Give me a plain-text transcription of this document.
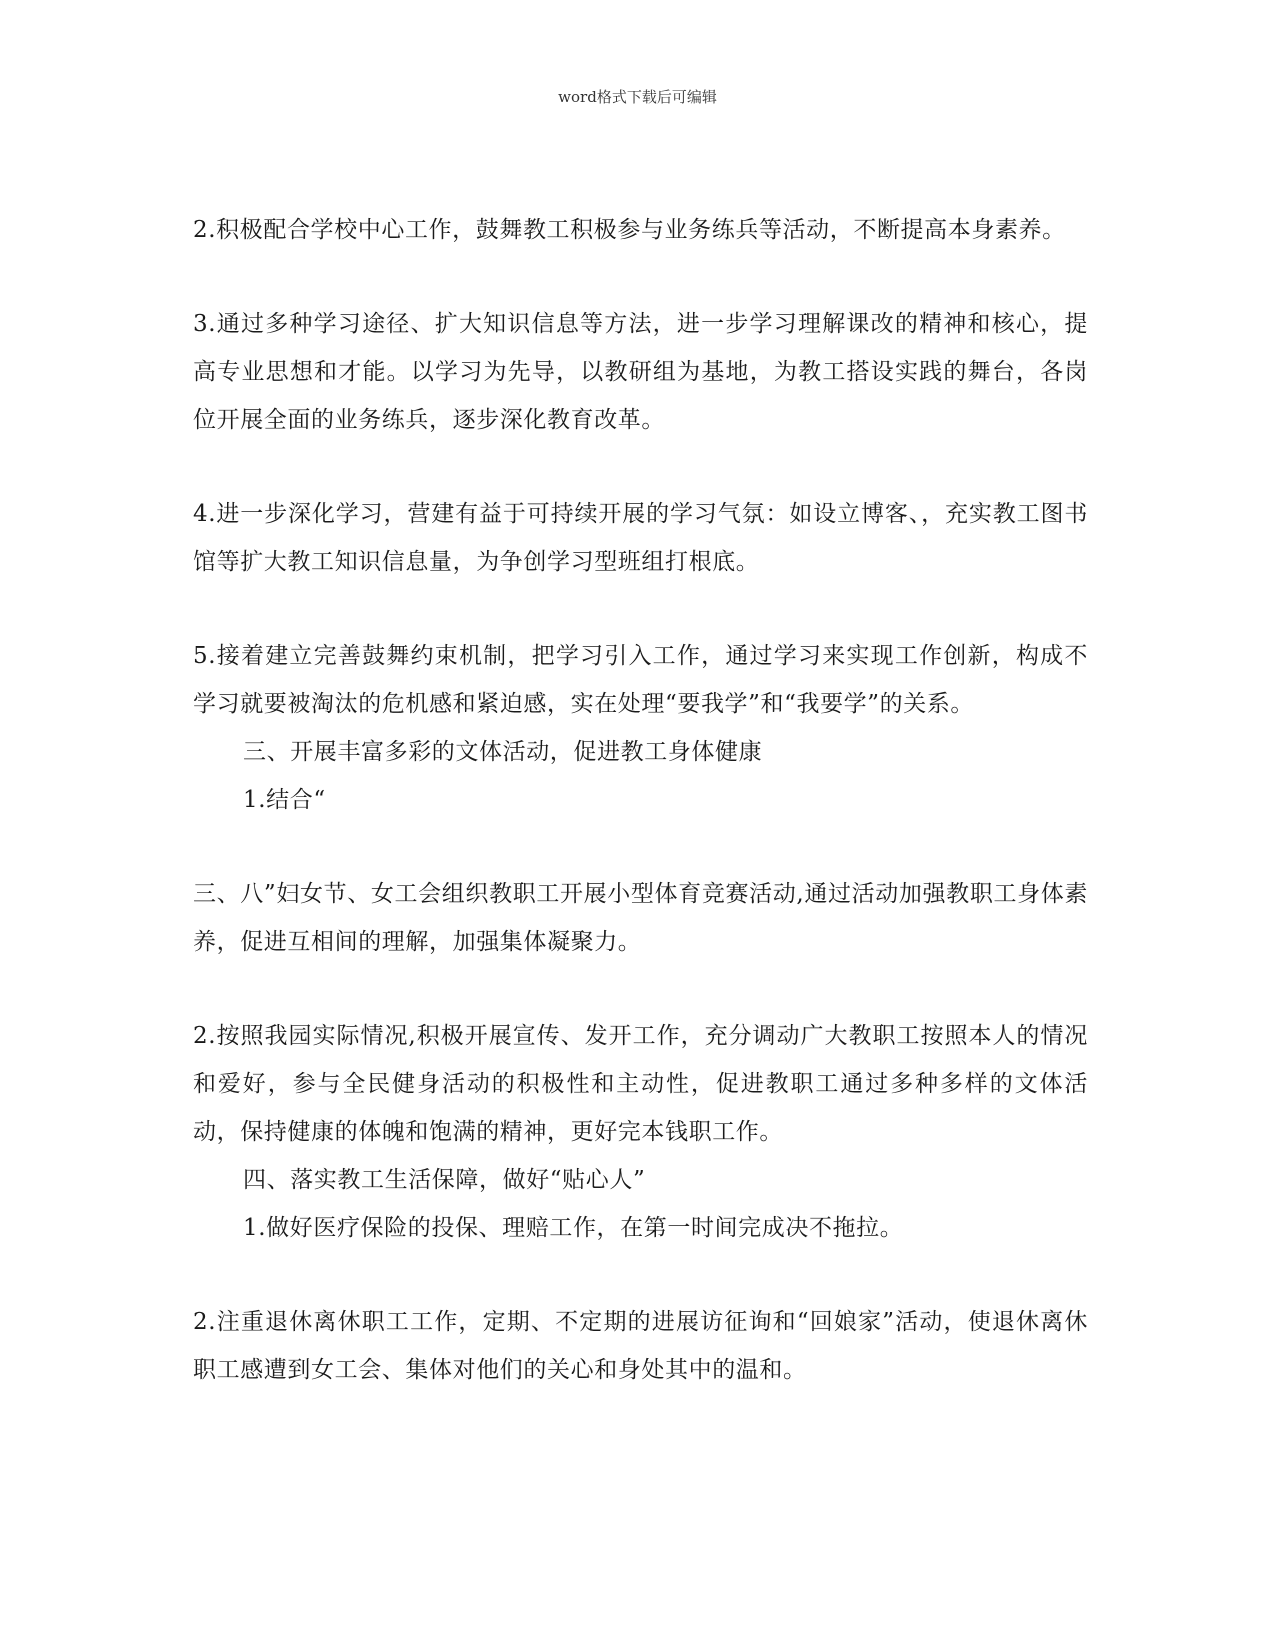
word格式下载后可编辑

2.积极配合学校中心工作，鼓舞教工积极参与业务练兵等活动，不断提高本身素养。

3.通过多种学习途径、扩大知识信息等方法，进一步学习理解课改的精神和核心，提高专业思想和才能。以学习为先导，以教研组为基地，为教工搭设实践的舞台，各岗位开展全面的业务练兵，逐步深化教育改革。

4.进一步深化学习，营建有益于可持续开展的学习气氛：如设立博客、，充实教工图书馆等扩大教工知识信息量，为争创学习型班组打根底。

5.接着建立完善鼓舞约束机制，把学习引入工作，通过学习来实现工作创新，构成不学习就要被淘汰的危机感和紧迫感，实在处理“要我学”和“我要学”的关系。

三、开展丰富多彩的文体活动，促进教工身体健康

1.结合“

三、八”妇女节、女工会组织教职工开展小型体育竞赛活动,通过活动加强教职工身体素养，促进互相间的理解，加强集体凝聚力。

2.按照我园实际情况,积极开展宣传、发开工作，充分调动广大教职工按照本人的情况和爱好，参与全民健身活动的积极性和主动性，促进教职工通过多种多样的文体活动，保持健康的体魄和饱满的精神，更好完本钱职工作。

四、落实教工生活保障，做好“贴心人”

1.做好医疗保险的投保、理赔工作，在第一时间完成决不拖拉。

2.注重退休离休职工工作，定期、不定期的进展访征询和“回娘家”活动，使退休离休职工感遭到女工会、集体对他们的关心和身处其中的温和。
